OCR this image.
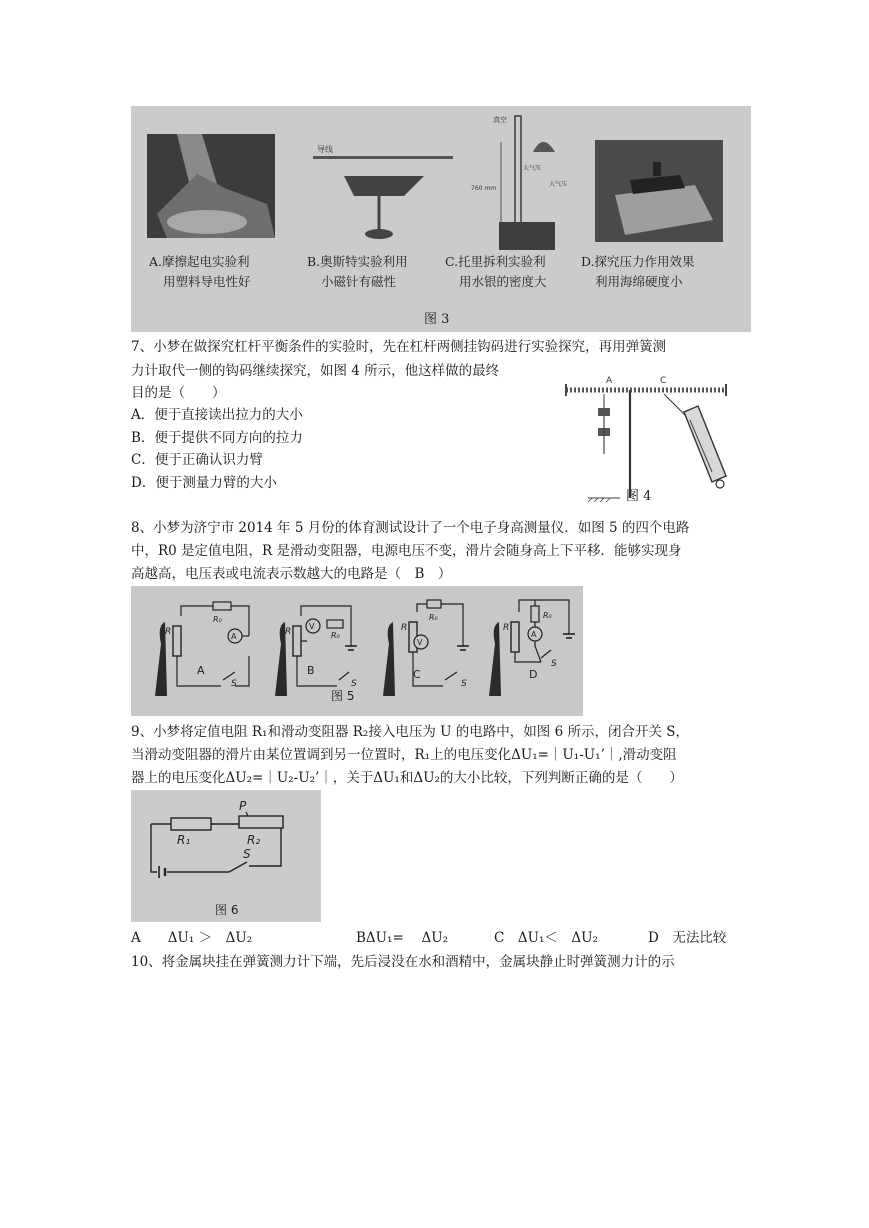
导线
真空
760 mm
大气压
大气压
A.摩擦起电实验利
用塑料导电性好
B.奥斯特实验利用
小磁针有磁性
C.托里拆利实验利
用水银的密度大
D.探究压力作用效果
利用海绵硬度小
图 3
7、小梦在做探究杠杆平衡条件的实验时，先在杠杆两侧挂钩码进行实验探究，再用弹簧测
力计取代一侧的钩码继续探究，如图 4 所示，他这样做的最终
目的是（　　）
A．便于直接读出拉力的大小
B．便于提供不同方向的拉力
C．便于正确认识力臂
D．便于测量力臂的大小
A	C
图 4
8、小梦为济宁市 2014 年 5 月份的体育测试设计了一个电子身高测量仪．如图 5 的四个电路
中，R0 是定值电阻，R 是滑动变阻器，电源电压不变，滑片会随身高上下平移．能够实现身
高越高，电压表或电流表示数越大的电路是（　B　）
R
R₀
A
S
A
R
V
R₀
S
B
R
R₀
V
S
C
R
R₀
A
S
D
图 5
9、小梦将定值电阻 R₁和滑动变阻器 R₂接入电压为 U 的电路中，如图 6 所示，闭合开关 S，
当滑动变阻器的滑片由某位置调到另一位置时，R₁上的电压变化ΔU₁=｜U₁-U₁’｜,滑动变阻
器上的电压变化ΔU₂=｜U₂-U₂’｜，关于ΔU₁和ΔU₂的大小比较，下列判断正确的是（　　）
P
R₁	R₂
S
图 6
A　　ΔU₁ ＞　ΔU₂	BΔU₁=　 ΔU₂	C　ΔU₁＜　ΔU₂	D　无法比较
10、将金属块挂在弹簧测力计下端，先后浸没在水和酒精中，金属块静止时弹簧测力计的示
